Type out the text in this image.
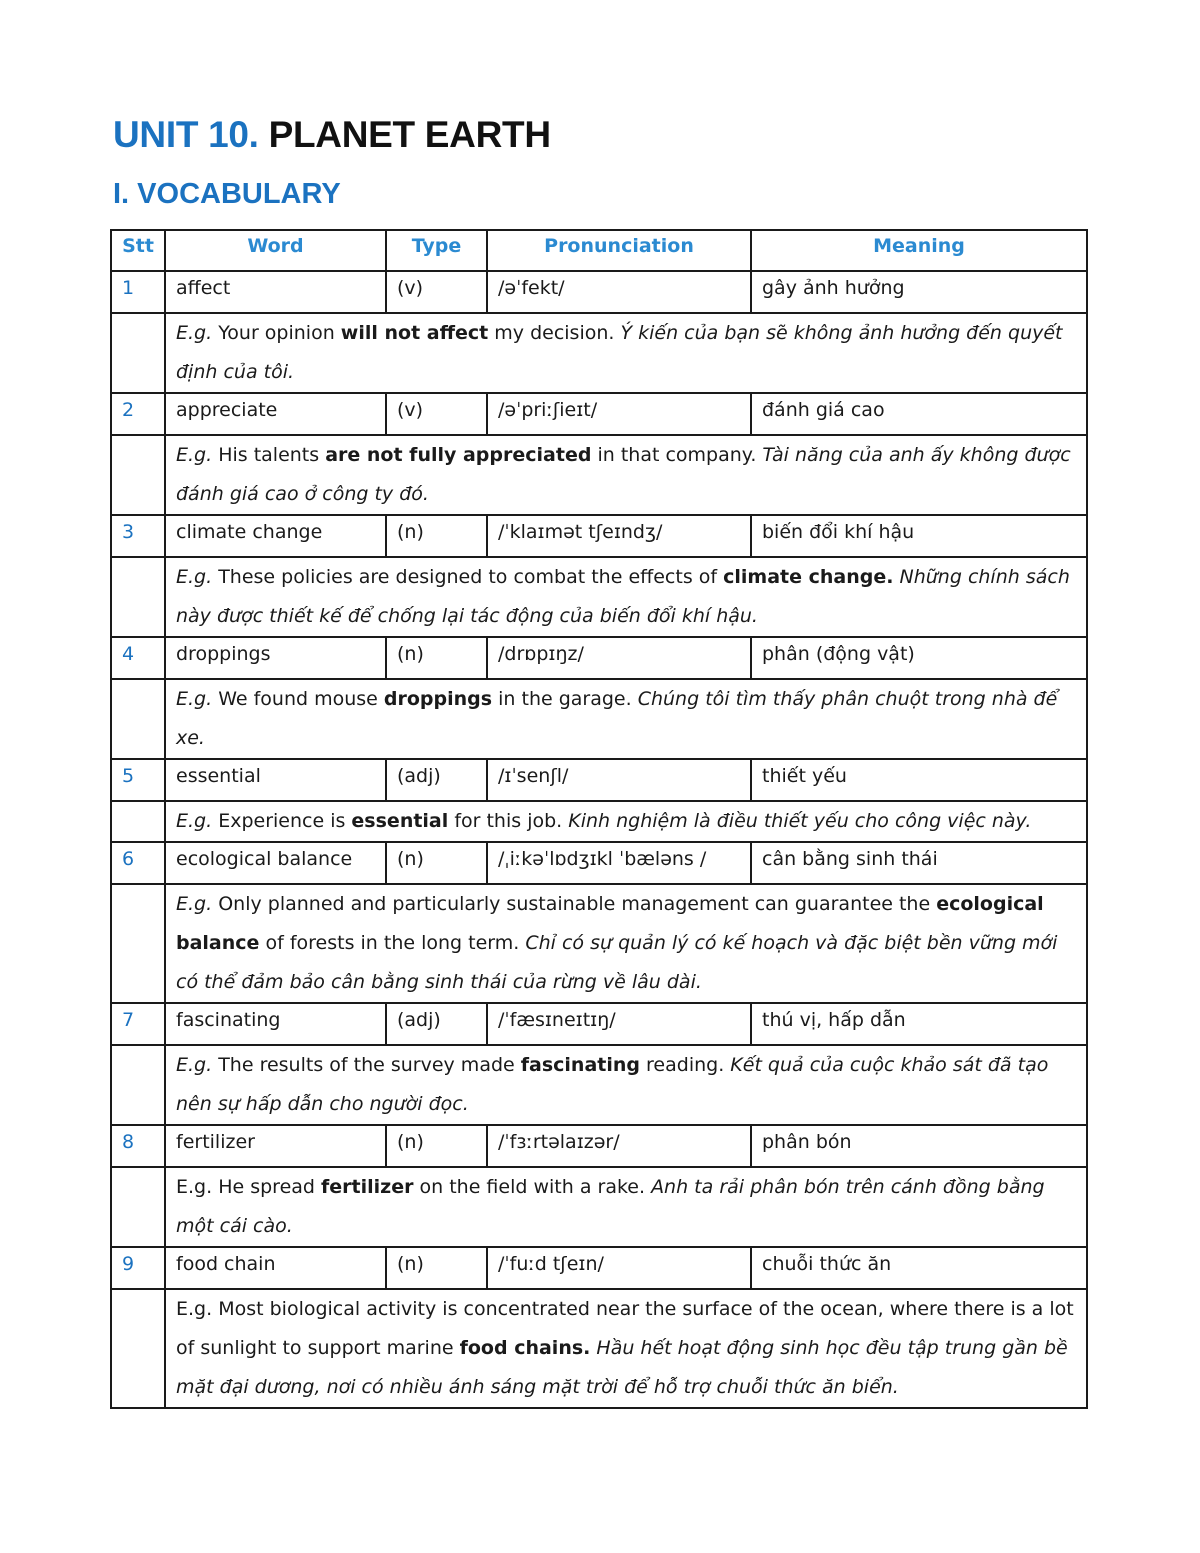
UNIT 10. PLANET EARTH
I. VOCABULARY
Stt	Word	Type	Pronunciation	Meaning
1	affect	(v)	/əˈfekt/	gây ảnh hưởng
	E.g. Your opinion will not affect my decision. Ý kiến của bạn sẽ không ảnh hưởng đến quyết định của tôi.			
2	appreciate	(v)	/əˈpriːʃieɪt/	đánh giá cao
	E.g. His talents are not fully appreciated in that company. Tài năng của anh ấy không được đánh giá cao ở công ty đó.			
3	climate change	(n)	/ˈklaɪmət tʃeɪndʒ/	biến đổi khí hậu
	E.g. These policies are designed to combat the effects of climate change. Những chính sách này được thiết kế để chống lại tác động của biến đổi khí hậu.			
4	droppings	(n)	/drɒpɪŋz/	phân (động vật)
	E.g. We found mouse droppings in the garage. Chúng tôi tìm thấy phân chuột trong nhà để xe.			
5	essential	(adj)	/ɪˈsenʃl/	thiết yếu
	E.g. Experience is essential for this job. Kinh nghiệm là điều thiết yếu cho công việc này.			
6	ecological balance	(n)	/ˌiːkəˈlɒdʒɪkl ˈbæləns /	cân bằng sinh thái
	E.g. Only planned and particularly sustainable management can guarantee the ecological balance of forests in the long term. Chỉ có sự quản lý có kế hoạch và đặc biệt bền vững mới có thể đảm bảo cân bằng sinh thái của rừng về lâu dài.			
7	fascinating	(adj)	/ˈfæsɪneɪtɪŋ/	thú vị, hấp dẫn
	E.g. The results of the survey made fascinating reading. Kết quả của cuộc khảo sát đã tạo nên sự hấp dẫn cho người đọc.			
8	fertilizer	(n)	/ˈfɜːrtəlaɪzər/	phân bón
	E.g. He spread fertilizer on the field with a rake. Anh ta rải phân bón trên cánh đồng bằng một cái cào.			
9	food chain	(n)	/ˈfuːd tʃeɪn/	chuỗi thức ăn
	E.g. Most biological activity is concentrated near the surface of the ocean, where there is a lot of sunlight to support marine food chains. Hầu hết hoạt động sinh học đều tập trung gần bề mặt đại dương, nơi có nhiều ánh sáng mặt trời để hỗ trợ chuỗi thức ăn biển.			
